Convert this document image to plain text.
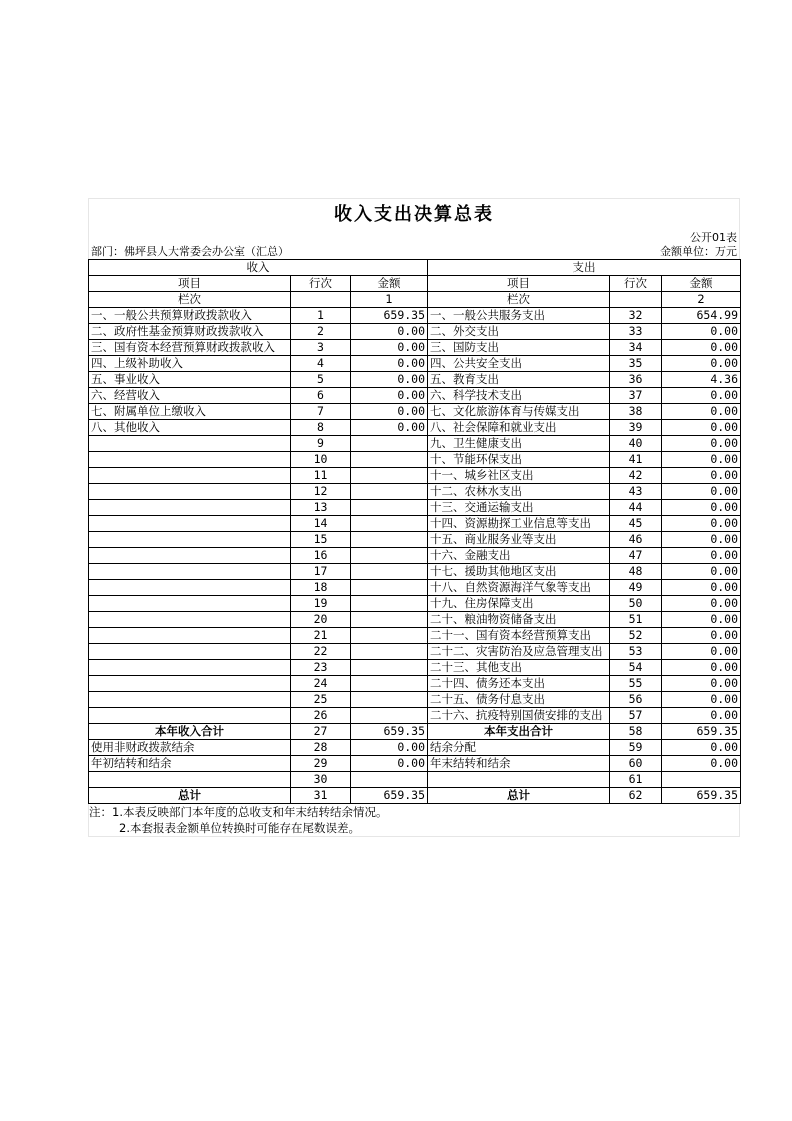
收入支出决算总表
公开01表
部门：佛坪县人大常委会办公室（汇总）	金额单位：万元
收入			支出		
项目	行次	金额	项目	行次	金额
栏次		1	栏次		2
一、一般公共预算财政拨款收入	1	659.35	一、一般公共服务支出	32	654.99
二、政府性基金预算财政拨款收入	2	0.00	二、外交支出	33	0.00
三、国有资本经营预算财政拨款收入	3	0.00	三、国防支出	34	0.00
四、上级补助收入	4	0.00	四、公共安全支出	35	0.00
五、事业收入	5	0.00	五、教育支出	36	4.36
六、经营收入	6	0.00	六、科学技术支出	37	0.00
七、附属单位上缴收入	7	0.00	七、文化旅游体育与传媒支出	38	0.00
八、其他收入	8	0.00	八、社会保障和就业支出	39	0.00
	9		九、卫生健康支出	40	0.00
	10		十、节能环保支出	41	0.00
	11		十一、城乡社区支出	42	0.00
	12		十二、农林水支出	43	0.00
	13		十三、交通运输支出	44	0.00
	14		十四、资源勘探工业信息等支出	45	0.00
	15		十五、商业服务业等支出	46	0.00
	16		十六、金融支出	47	0.00
	17		十七、援助其他地区支出	48	0.00
	18		十八、自然资源海洋气象等支出	49	0.00
	19		十九、住房保障支出	50	0.00
	20		二十、粮油物资储备支出	51	0.00
	21		二十一、国有资本经营预算支出	52	0.00
	22		二十二、灾害防治及应急管理支出	53	0.00
	23		二十三、其他支出	54	0.00
	24		二十四、债务还本支出	55	0.00
	25		二十五、债务付息支出	56	0.00
	26		二十六、抗疫特别国债安排的支出	57	0.00
本年收入合计	27	659.35	本年支出合计	58	659.35
使用非财政拨款结余	28	0.00	结余分配	59	0.00
年初结转和结余	29	0.00	年末结转和结余	60	0.00
	30			61	
总计	31	659.35	总计	62	659.35
注：1.本表反映部门本年度的总收支和年末结转结余情况。
2.本套报表金额单位转换时可能存在尾数误差。
